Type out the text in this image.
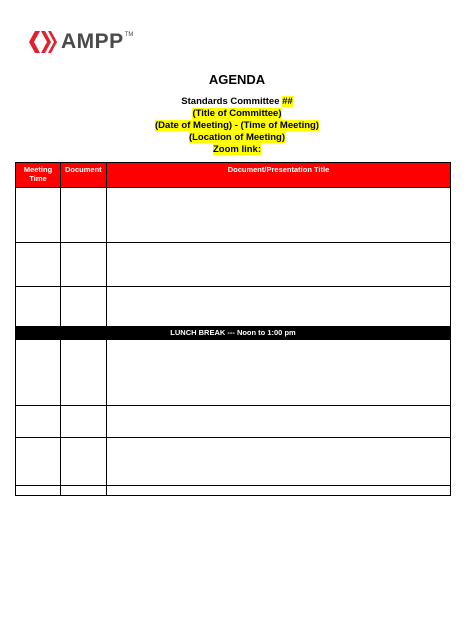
AMPP TM
AGENDA
Standards Committee ##
(Title of Committee)
(Date of Meeting) - (Time of Meeting)
(Location of Meeting)
Zoom link:
Meeting Time	Document	Document/Presentation Title

LUNCH BREAK --- Noon to 1:00 pm		
